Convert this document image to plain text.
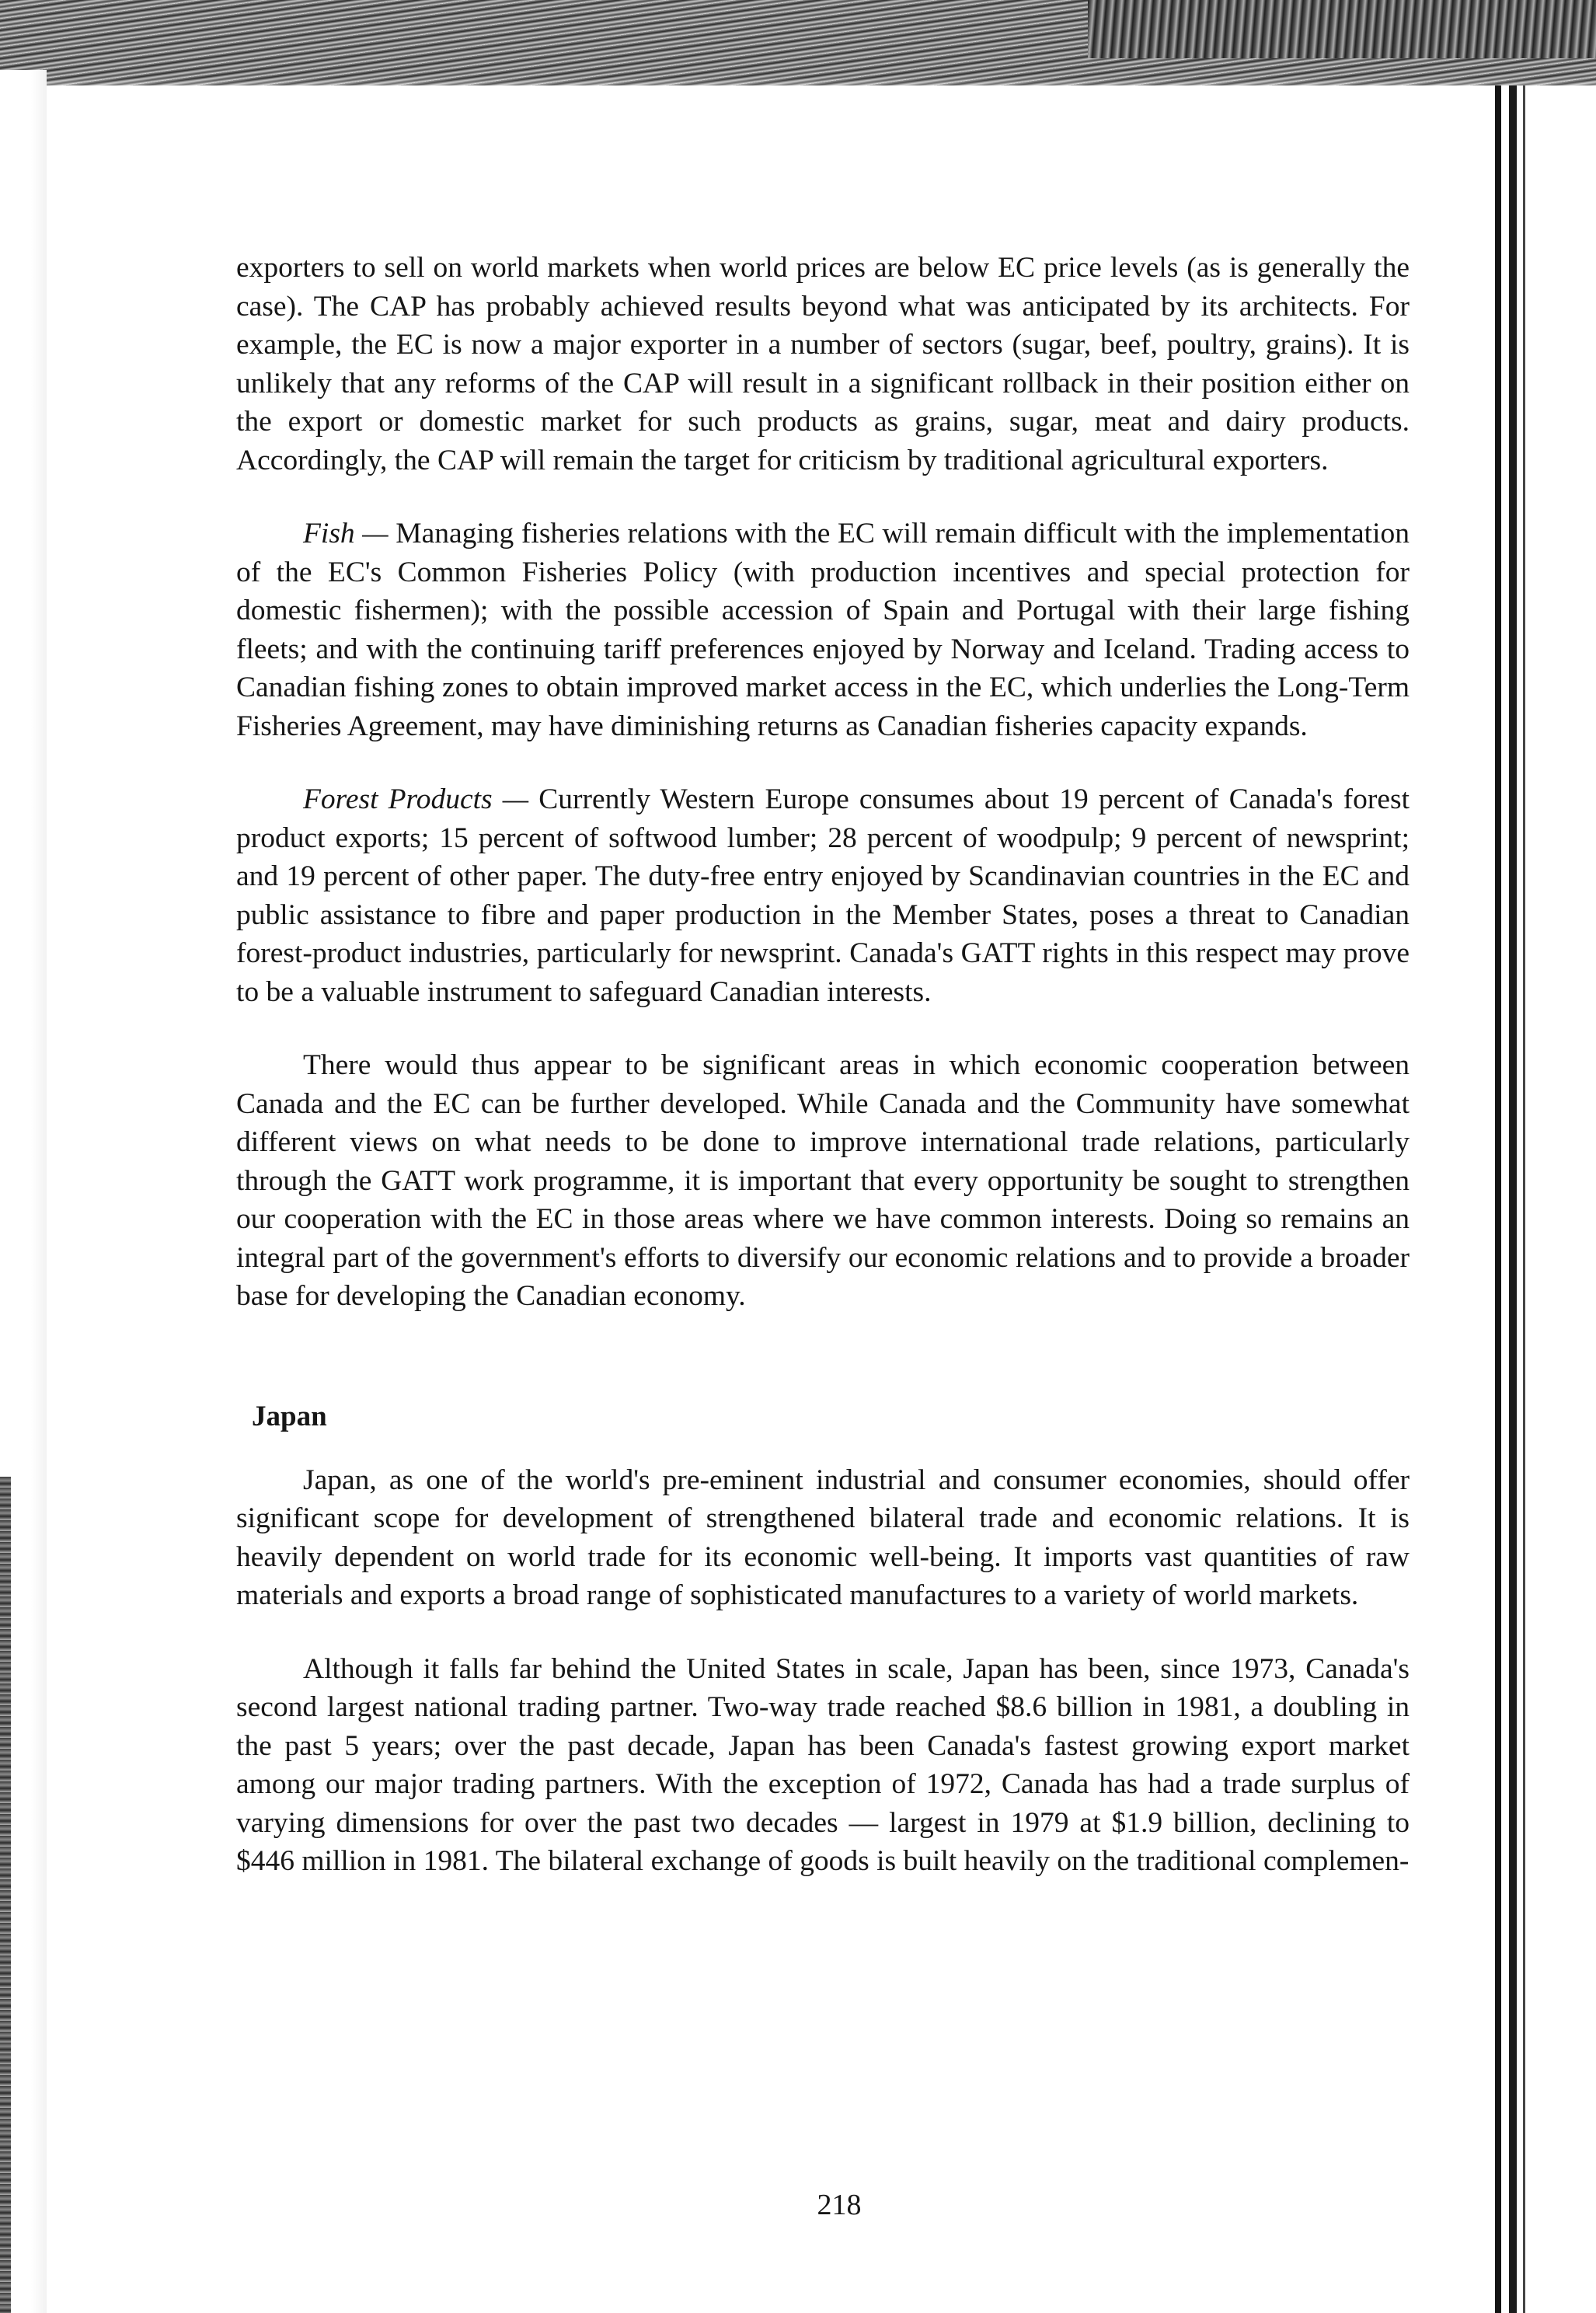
exporters to sell on world markets when world prices are below EC price levels (as is generally the case). The CAP has probably achieved results beyond what was anticipated by its architects. For example, the EC is now a major exporter in a number of sectors (sugar, beef, poultry, grains). It is unlikely that any reforms of the CAP will result in a significant rollback in their position either on the export or domestic market for such products as grains, sugar, meat and dairy products. Accordingly, the CAP will remain the target for criticism by traditional agricultural exporters.

Fish — Managing fisheries relations with the EC will remain difficult with the implementation of the EC's Common Fisheries Policy (with production incentives and special protection for domestic fishermen); with the possible accession of Spain and Portugal with their large fishing fleets; and with the continuing tariff preferences enjoyed by Norway and Iceland. Trading access to Canadian fishing zones to obtain improved market access in the EC, which underlies the Long-Term Fisheries Agreement, may have diminishing returns as Canadian fisheries capacity expands.

Forest Products — Currently Western Europe consumes about 19 percent of Canada's forest product exports; 15 percent of softwood lumber; 28 percent of woodpulp; 9 percent of newsprint; and 19 percent of other paper. The duty-free entry enjoyed by Scandinavian countries in the EC and public assistance to fibre and paper production in the Member States, poses a threat to Canadian forest-product industries, particularly for newsprint. Canada's GATT rights in this respect may prove to be a valuable instrument to safeguard Canadian interests.

There would thus appear to be significant areas in which economic cooperation between Canada and the EC can be further developed. While Canada and the Community have somewhat different views on what needs to be done to improve international trade relations, particularly through the GATT work programme, it is important that every opportunity be sought to strengthen our cooperation with the EC in those areas where we have common interests. Doing so remains an integral part of the government's efforts to diversify our economic relations and to provide a broader base for developing the Canadian economy.

Japan

Japan, as one of the world's pre-eminent industrial and consumer economies, should offer significant scope for development of strengthened bilateral trade and economic relations. It is heavily dependent on world trade for its economic well-being. It imports vast quantities of raw materials and exports a broad range of sophisticated manufactures to a variety of world markets.

Although it falls far behind the United States in scale, Japan has been, since 1973, Canada's second largest national trading partner. Two-way trade reached $8.6 billion in 1981, a doubling in the past 5 years; over the past decade, Japan has been Canada's fastest growing export market among our major trading partners. With the exception of 1972, Canada has had a trade surplus of varying dimensions for over the past two decades — largest in 1979 at $1.9 billion, declining to $446 million in 1981. The bilateral exchange of goods is built heavily on the traditional complemen-

218
